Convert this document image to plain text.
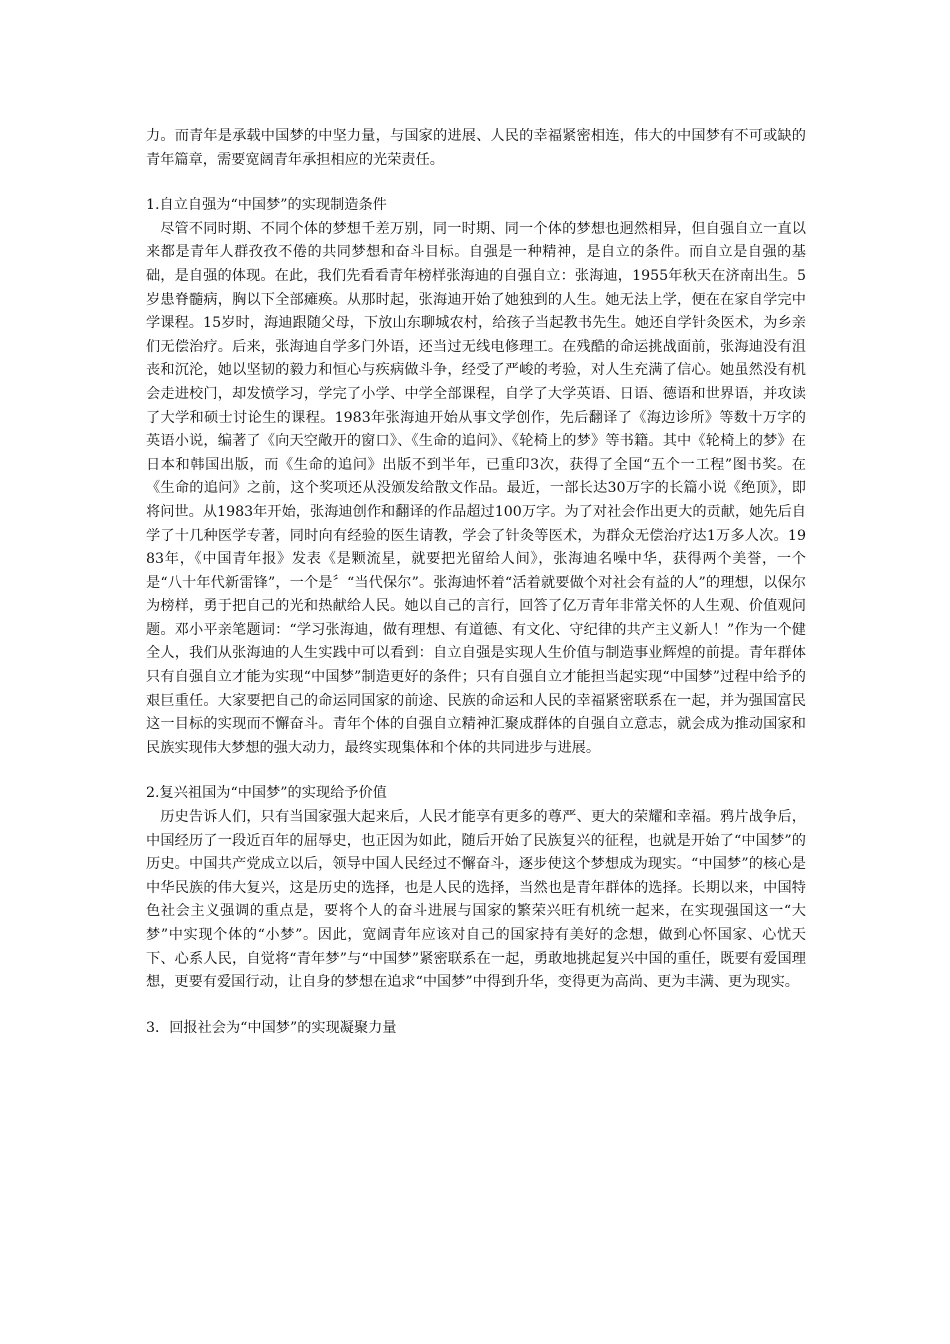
力。而青年是承载中国梦的中坚力量，与国家的进展、人民的幸福紧密相连，伟大的中国梦有不可或缺的青年篇章，需要宽阔青年承担相应的光荣责任。

1.自立自强为“中国梦”的实现制造条件

尽管不同时期、不同个体的梦想千差万别，同一时期、同一个体的梦想也迥然相异，但自强自立一直以来都是青年人群孜孜不倦的共同梦想和奋斗目标。自强是一种精神，是自立的条件。而自立是自强的基础，是自强的体现。在此，我们先看看青年榜样张海迪的自强自立：张海迪，1955年秋天在济南出生。5岁患脊髓病，胸以下全部瘫痪。从那时起，张海迪开始了她独到的人生。她无法上学，便在在家自学完中学课程。15岁时，海迪跟随父母，下放山东聊城农村，给孩子当起教书先生。她还自学针灸医术，为乡亲们无偿治疗。后来，张海迪自学多门外语，还当过无线电修理工。在残酷的命运挑战面前，张海迪没有沮丧和沉沦，她以坚韧的毅力和恒心与疾病做斗争，经受了严峻的考验，对人生充满了信心。她虽然没有机会走进校门，却发愤学习，学完了小学、中学全部课程，自学了大学英语、日语、德语和世界语，并攻读了大学和硕士讨论生的课程。1983年张海迪开始从事文学创作，先后翻译了《海边诊所》等数十万字的英语小说，编著了《向天空敞开的窗口》、《生命的追问》、《轮椅上的梦》等书籍。其中《轮椅上的梦》在日本和韩国出版，而《生命的追问》出版不到半年，已重印3次，获得了全国“五个一工程”图书奖。在《生命的追问》之前，这个奖项还从没颁发给散文作品。最近，一部长达30万字的长篇小说《绝顶》，即将问世。从1983年开始，张海迪创作和翻译的作品超过100万字。为了对社会作出更大的贡献，她先后自学了十几种医学专著，同时向有经验的医生请教，学会了针灸等医术，为群众无偿治疗达1万多人次。1983年，《中国青年报》发表《是颗流星，就要把光留给人间》，张海迪名噪中华，获得两个美誉，一个是“八十年代新雷锋”，一个是〞“当代保尔”。张海迪怀着“活着就要做个对社会有益的人”的理想，以保尔为榜样，勇于把自己的光和热献给人民。她以自己的言行，回答了亿万青年非常关怀的人生观、价值观问题。邓小平亲笔题词：“学习张海迪，做有理想、有道德、有文化、守纪律的共产主义新人！”作为一个健全人，我们从张海迪的人生实践中可以看到：自立自强是实现人生价值与制造事业辉煌的前提。青年群体只有自强自立才能为实现“中国梦”制造更好的条件；只有自强自立才能担当起实现“中国梦”过程中给予的艰巨重任。大家要把自己的命运同国家的前途、民族的命运和人民的幸福紧密联系在一起，并为强国富民这一目标的实现而不懈奋斗。青年个体的自强自立精神汇聚成群体的自强自立意志，就会成为推动国家和民族实现伟大梦想的强大动力，最终实现集体和个体的共同进步与进展。

2.复兴祖国为“中国梦”的实现给予价值

历史告诉人们，只有当国家强大起来后，人民才能享有更多的尊严、更大的荣耀和幸福。鸦片战争后，中国经历了一段近百年的屈辱史，也正因为如此，随后开始了民族复兴的征程，也就是开始了“中国梦”的历史。中国共产党成立以后，领导中国人民经过不懈奋斗，逐步使这个梦想成为现实。“中国梦”的核心是中华民族的伟大复兴，这是历史的选择，也是人民的选择，当然也是青年群体的选择。长期以来，中国特色社会主义强调的重点是，要将个人的奋斗进展与国家的繁荣兴旺有机统一起来，在实现强国这一“大梦”中实现个体的“小梦”。因此，宽阔青年应该对自己的国家持有美好的念想，做到心怀国家、心忧天下、心系人民，自觉将“青年梦”与“中国梦”紧密联系在一起，勇敢地挑起复兴中国的重任，既要有爱国理想，更要有爱国行动，让自身的梦想在追求“中国梦”中得到升华，变得更为高尚、更为丰满、更为现实。

3．回报社会为“中国梦”的实现凝聚力量
